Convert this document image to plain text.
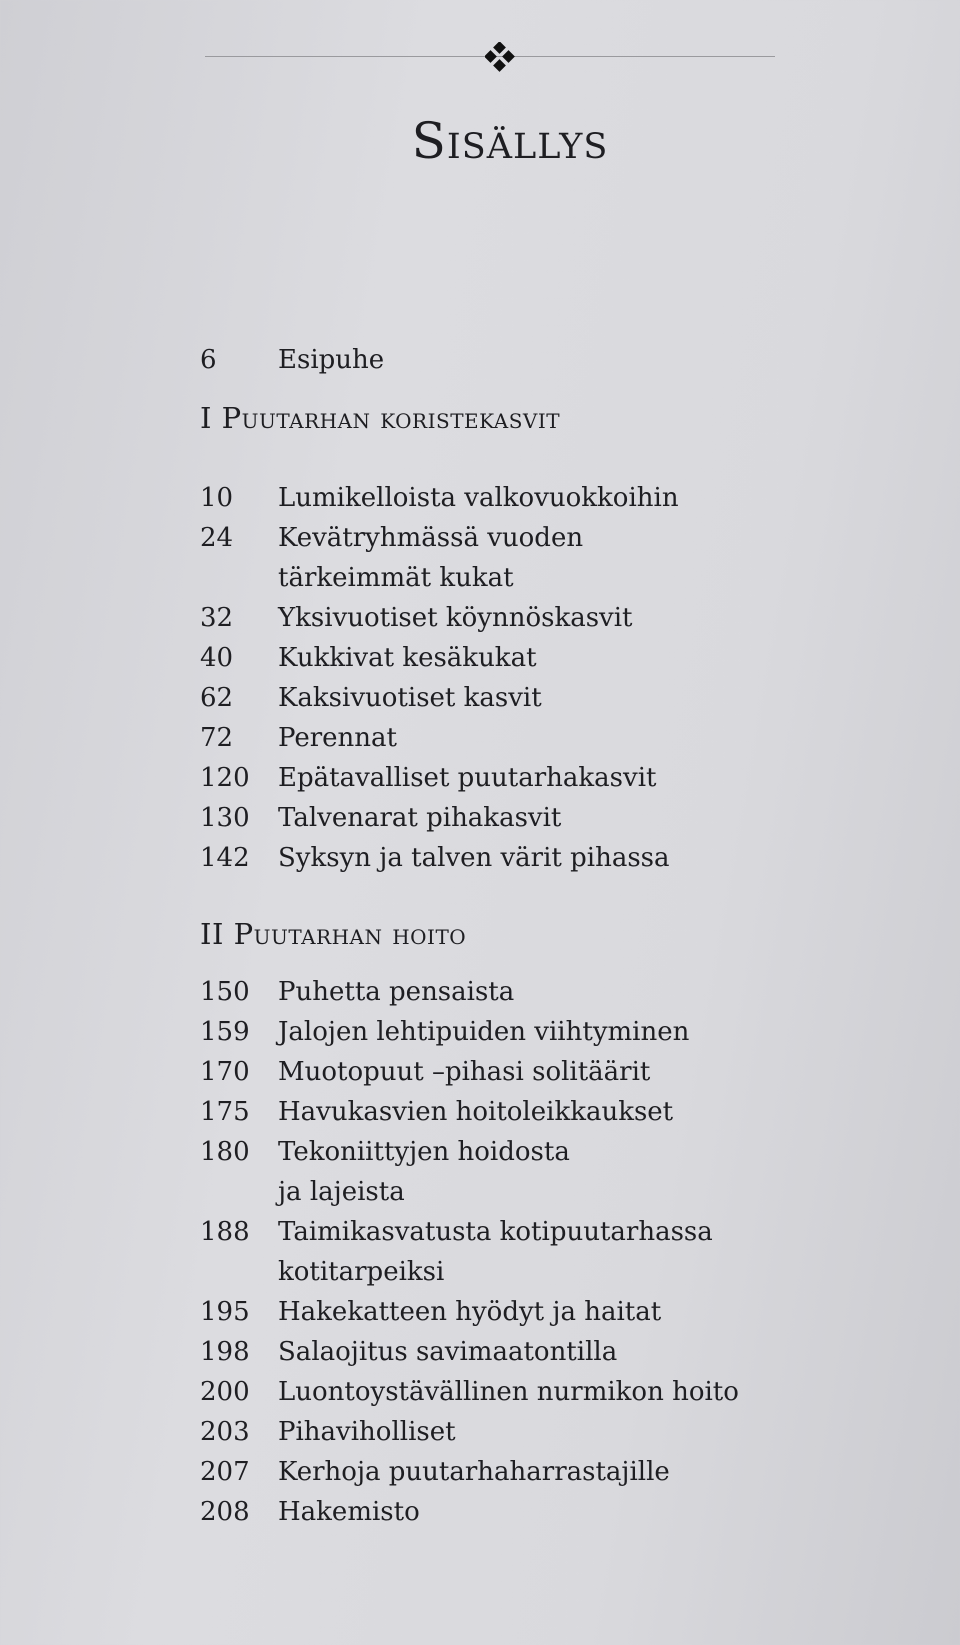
Sisällys
6	Esipuhe
I Puutarhan koristekasvit
10	Lumikelloista valkovuokkoihin
24	Kevätryhmässä vuoden
tärkeimmät kukat
32	Yksivuotiset köynnöskasvit
40	Kukkivat kesäkukat
62	Kaksivuotiset kasvit
72	Perennat
120	Epätavalliset puutarhakasvit
130	Talvenarat pihakasvit
142	Syksyn ja talven värit pihassa
II Puutarhan hoito
150	Puhetta pensaista
159	Jalojen lehtipuiden viihtyminen
170	Muotopuut –pihasi solitäärit
175	Havukasvien hoitoleikkaukset
180	Tekoniittyjen hoidosta
ja lajeista
188	Taimikasvatusta kotipuutarhassa
kotitarpeiksi
195	Hakekatteen hyödyt ja haitat
198	Salaojitus savimaatontilla
200	Luontoystävällinen nurmikon hoito
203	Pihaviholliset
207	Kerhoja puutarhaharrastajille
208	Hakemisto
